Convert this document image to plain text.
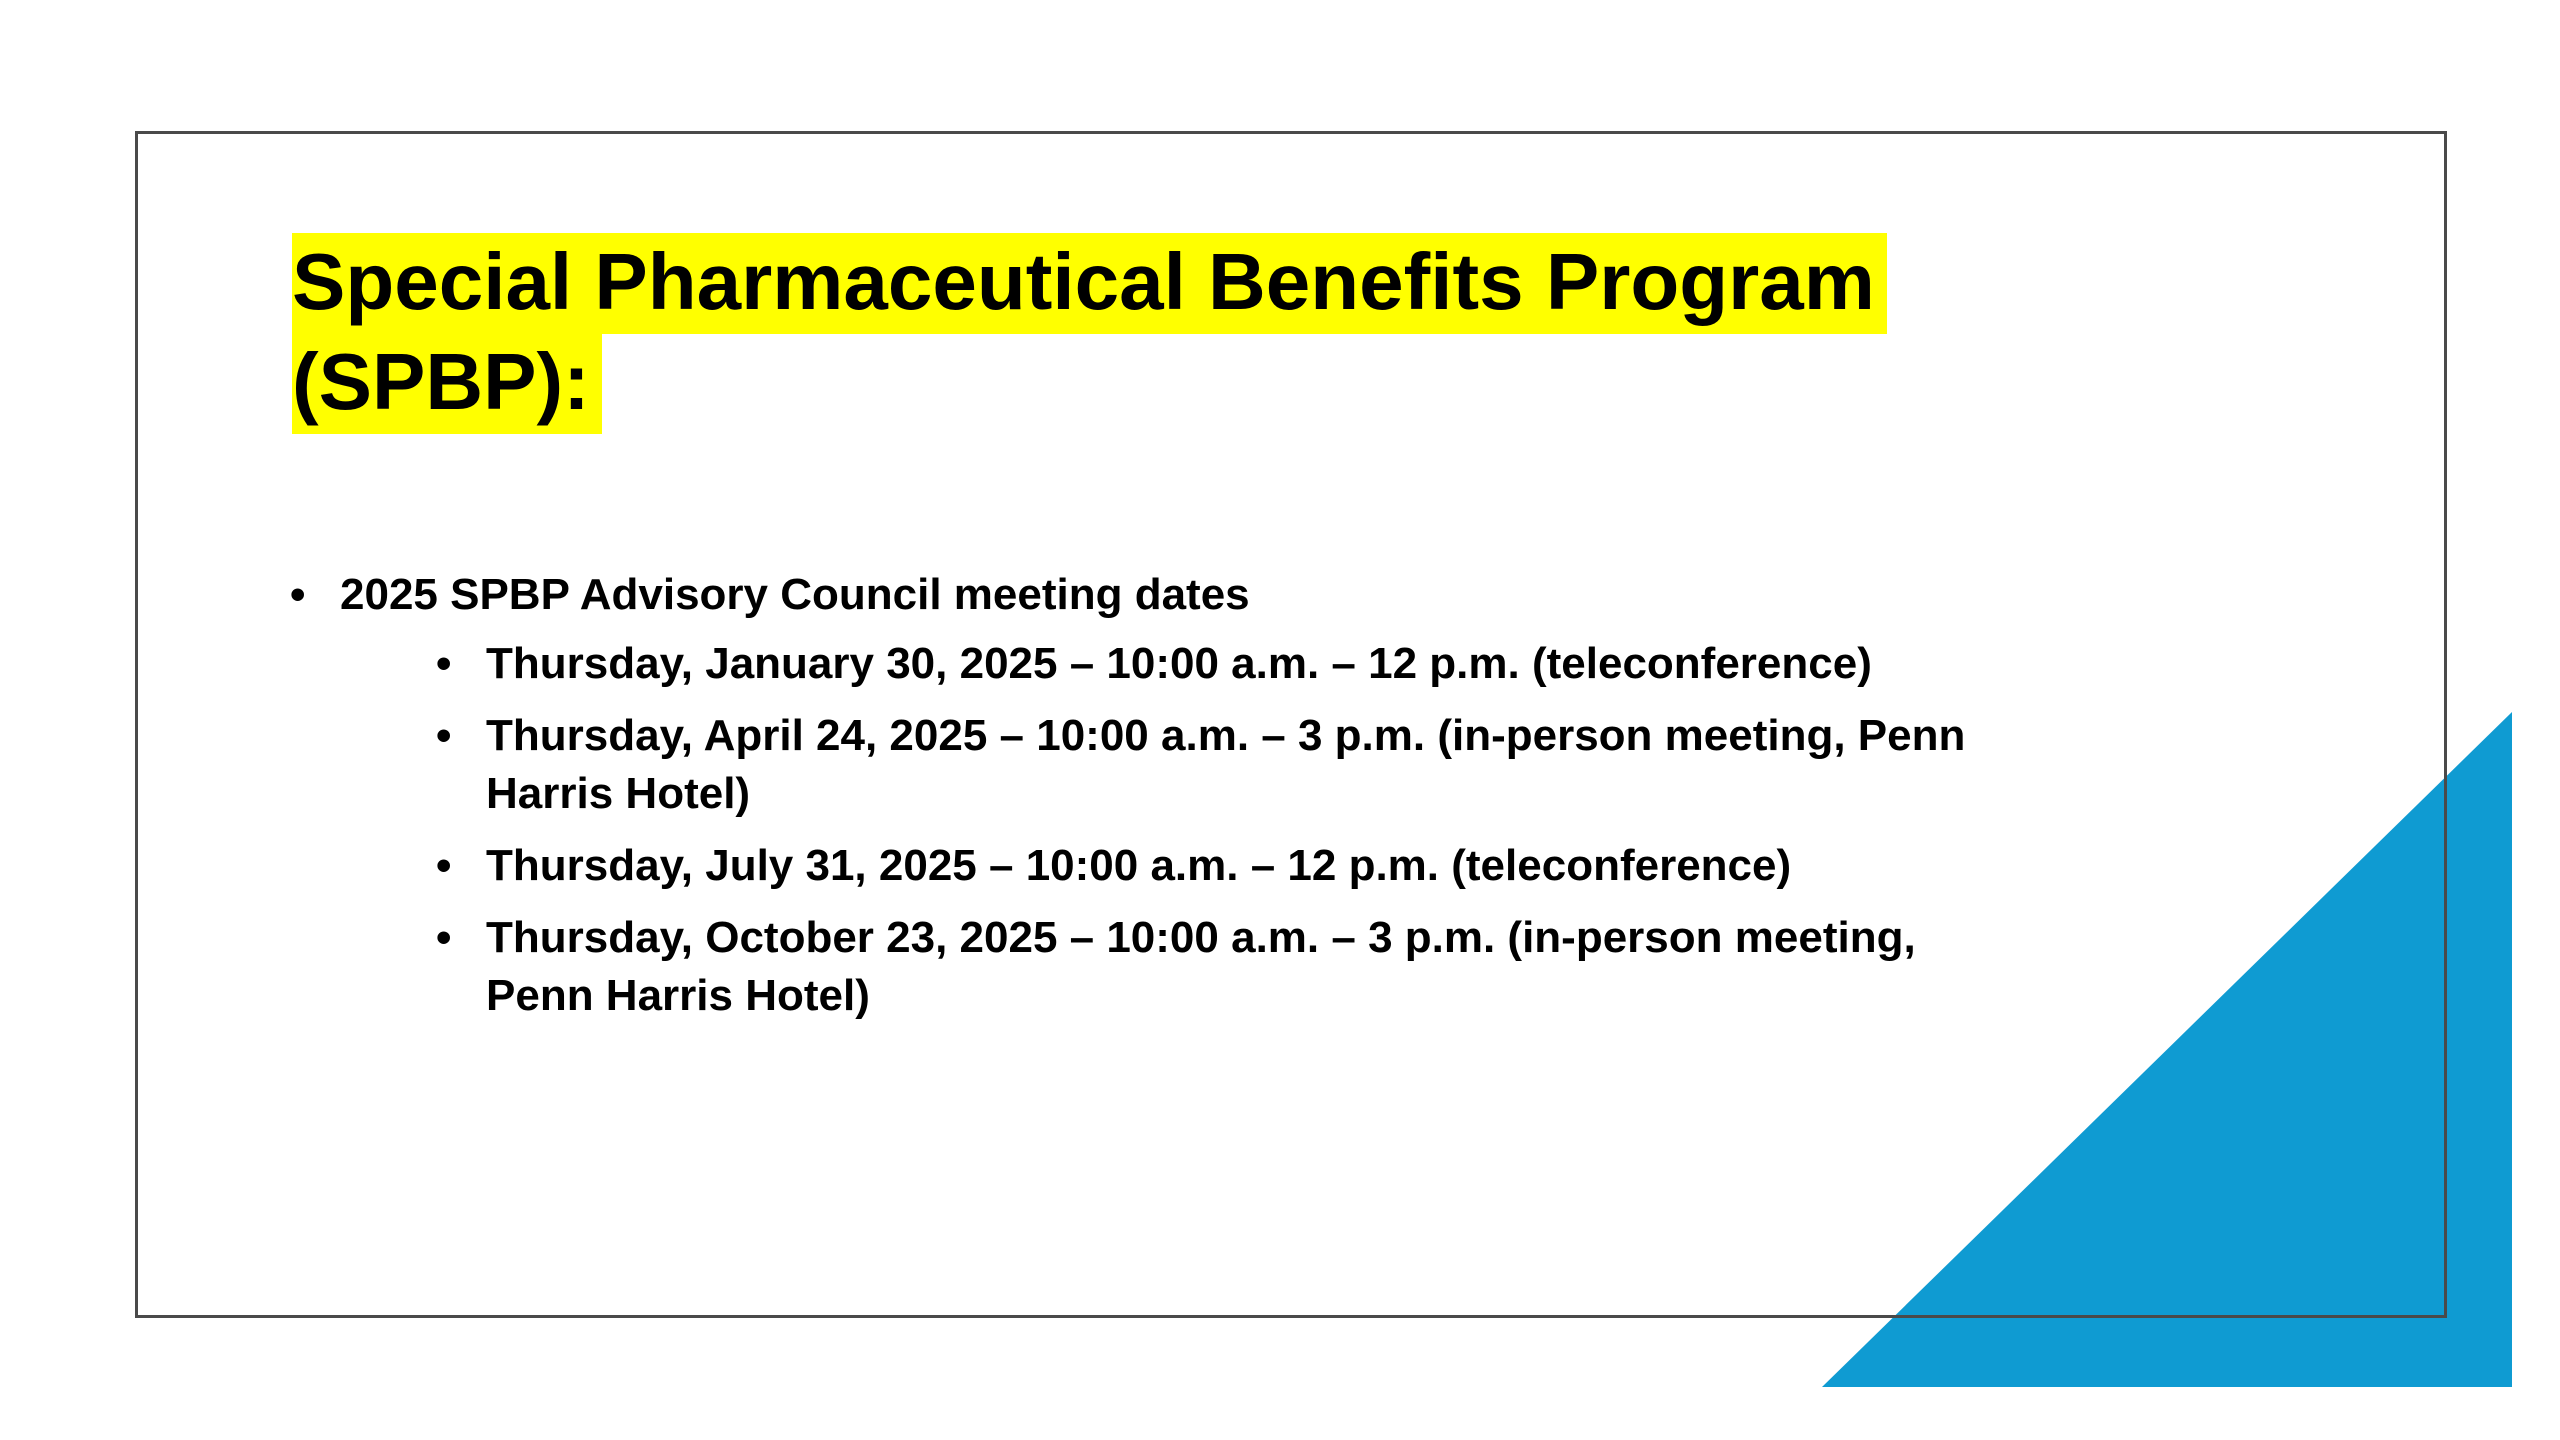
Special Pharmaceutical Benefits Program
(SPBP):
• 2025 SPBP Advisory Council meeting dates
• Thursday, January 30, 2025 – 10:00 a.m. – 12 p.m. (teleconference)
• Thursday, April 24, 2025 – 10:00 a.m. – 3 p.m. (in-person meeting, Penn Harris Hotel)
• Thursday, July 31, 2025 – 10:00 a.m. – 12 p.m. (teleconference)
• Thursday, October 23, 2025 – 10:00 a.m. – 3 p.m. (in-person meeting, Penn Harris Hotel)
